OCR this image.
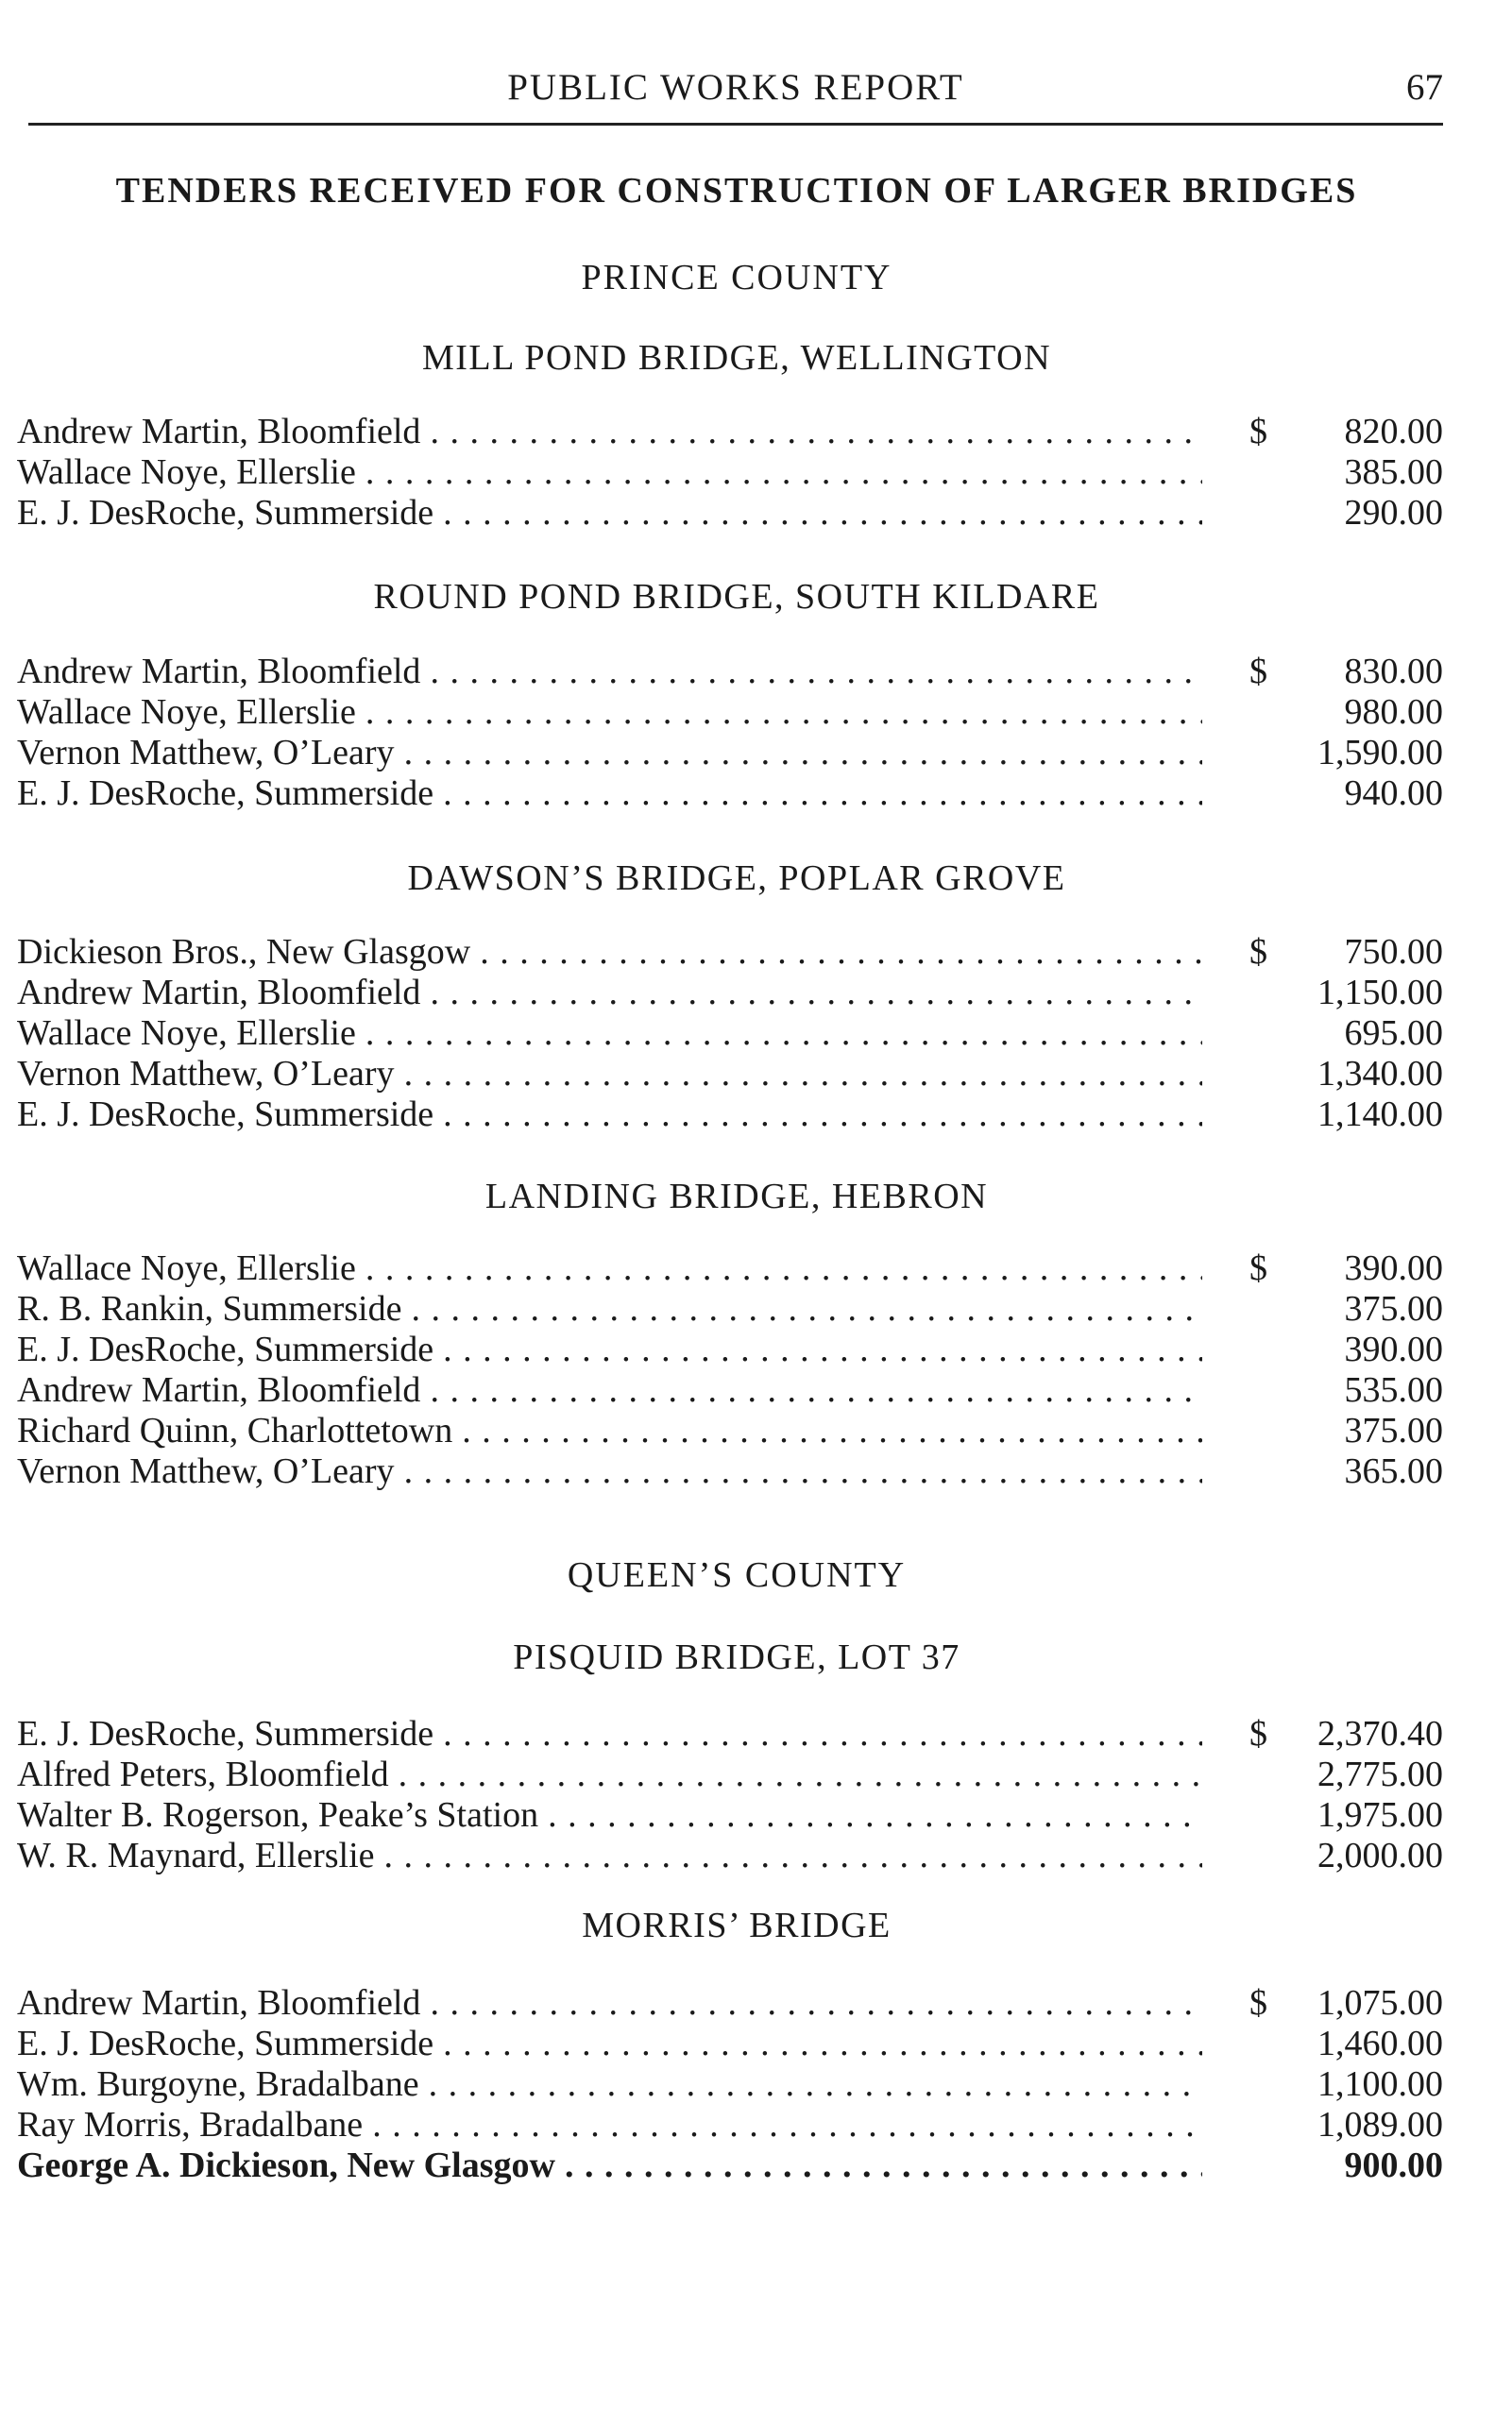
PUBLIC WORKS REPORT	67
TENDERS RECEIVED FOR CONSTRUCTION OF LARGER BRIDGES
PRINCE COUNTY
MILL POND BRIDGE, WELLINGTON
Andrew Martin, Bloomfield . . .	$	820.00
Wallace Noye, Ellerslie . . .	385.00
E. J. DesRoche, Summerside . . .	290.00
ROUND POND BRIDGE, SOUTH KILDARE
Andrew Martin, Bloomfield . . .	$	830.00
Wallace Noye, Ellerslie . . .	980.00
Vernon Matthew, O’Leary . . .	1,590.00
E. J. DesRoche, Summerside . . .	940.00
DAWSON’S BRIDGE, POPLAR GROVE
Dickieson Bros., New Glasgow . . .	$	750.00
Andrew Martin, Bloomfield . . .	1,150.00
Wallace Noye, Ellerslie . . .	695.00
Vernon Matthew, O’Leary . . .	1,340.00
E. J. DesRoche, Summerside . . .	1,140.00
LANDING BRIDGE, HEBRON
Wallace Noye, Ellerslie . . .	$	390.00
R. B. Rankin, Summerside . . .	375.00
E. J. DesRoche, Summerside . . .	390.00
Andrew Martin, Bloomfield . . .	535.00
Richard Quinn, Charlottetown . . .	375.00
Vernon Matthew, O’Leary . . .	365.00
QUEEN’S COUNTY
PISQUID BRIDGE, LOT 37
E. J. DesRoche, Summerside . . .	$	2,370.40
Alfred Peters, Bloomfield . . .	2,775.00
Walter B. Rogerson, Peake’s Station . . .	1,975.00
W. R. Maynard, Ellerslie . . .	2,000.00
MORRIS’ BRIDGE
Andrew Martin, Bloomfield . . .	$	1,075.00
E. J. DesRoche, Summerside . . .	1,460.00
Wm. Burgoyne, Bradalbane . . .	1,100.00
Ray Morris, Bradalbane . . .	1,089.00
George A. Dickieson, New Glasgow . . .	900.00
